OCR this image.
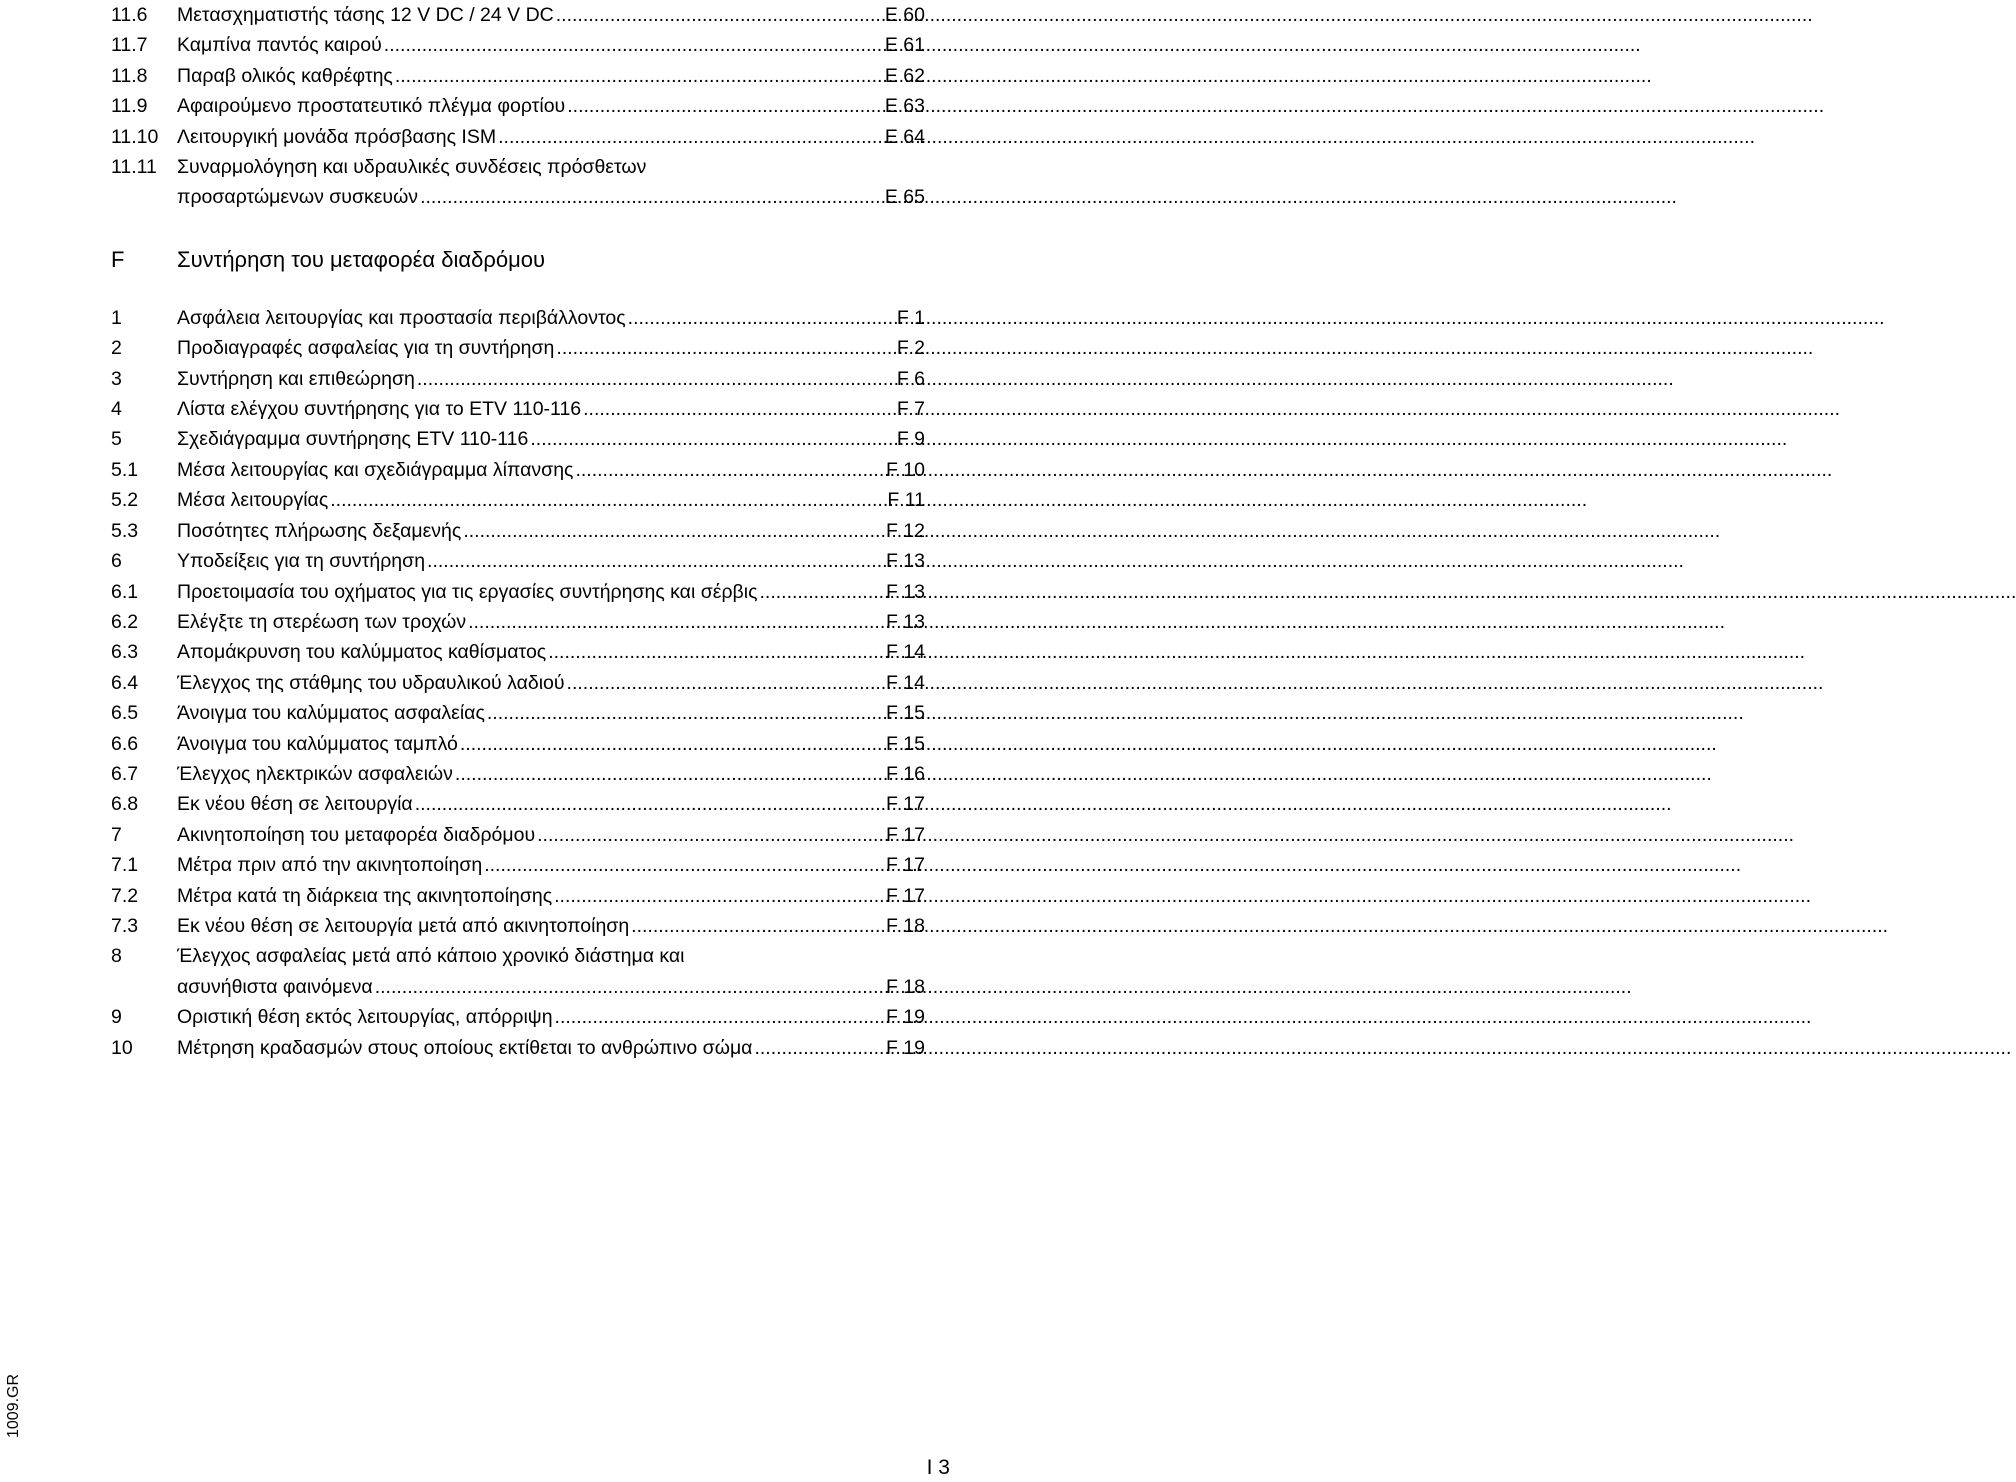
11.6	Μετασχηματιστής τάσης 12 V DC / 24 V DC .....	E 60
11.7	Καμπίνα παντός καιρού .....	E 61
11.8	Παραβ ολικός καθρέφτης .....	E 62
11.9	Αφαιρούμενο προστατευτικό πλέγμα φορτίου .....	E 63
11.10 Λειτουργική μονάδα πρόσβασης ISM .....	E 64
11.11	Συναρμολόγηση και υδραυλικές συνδέσεις πρόσθετων
προσαρτώμενων συσκευών .....	E 65
F	Συντήρηση του μεταφορέα διαδρόμου
1	Ασφάλεια λειτουργίας και προστασία περιβάλλοντος .....	F 1
2	Προδιαγραφές ασφαλείας για τη συντήρηση .....	F 2
3	Συντήρηση και επιθεώρηση .....	F 6
4	Λίστα ελέγχου συντήρησης για το ETV 110-116 .....	F 7
5	Σχεδιάγραμμα συντήρησης ETV 110-116 .....	F 9
5.1	Μέσα λειτουργίας και σχεδιάγραμμα λίπανσης .....	F 10
5.2	Μέσα λειτουργίας .....	F 11
5.3	Ποσότητες πλήρωσης δεξαμενής .....	F 12
6	Υποδείξεις για τη συντήρηση .....	F 13
6.1	Προετοιμασία του οχήματος για τις εργασίες συντήρησης και σέρβις .....	F 13
6.2	Ελέγξτε τη στερέωση των τροχών .....	F 13
6.3	Απομάκρυνση του καλύμματος καθίσματος .....	F 14
6.4	Έλεγχος της στάθμης του υδραυλικού λαδιού .....	F 14
6.5	Άνοιγμα του καλύμματος ασφαλείας .....	F 15
6.6	Άνοιγμα του καλύμματος ταμπλό .....	F 15
6.7	Έλεγχος ηλεκτρικών ασφαλειών .....	F 16
6.8	Εκ νέου θέση σε λειτουργία .....	F 17
7	Ακινητοποίηση του μεταφορέα διαδρόμου .....	F 17
7.1	Μέτρα πριν από την ακινητοποίηση .....	F 17
7.2	Μέτρα κατά τη διάρκεια της ακινητοποίησης .....	F 17
7.3	Εκ νέου θέση σε λειτουργία μετά από ακινητοποίηση .....	F 18
8	Έλεγχος ασφαλείας μετά από κάποιο χρονικό διάστημα και
ασυνήθιστα φαινόμενα .....	F 18
9	Οριστική θέση εκτός λειτουργίας, απόρριψη .....	F 19
10	Μέτρηση κραδασμών στους οποίους εκτίθεται το ανθρώπινο σώμα .....	F 19
1009.GR
I 3
